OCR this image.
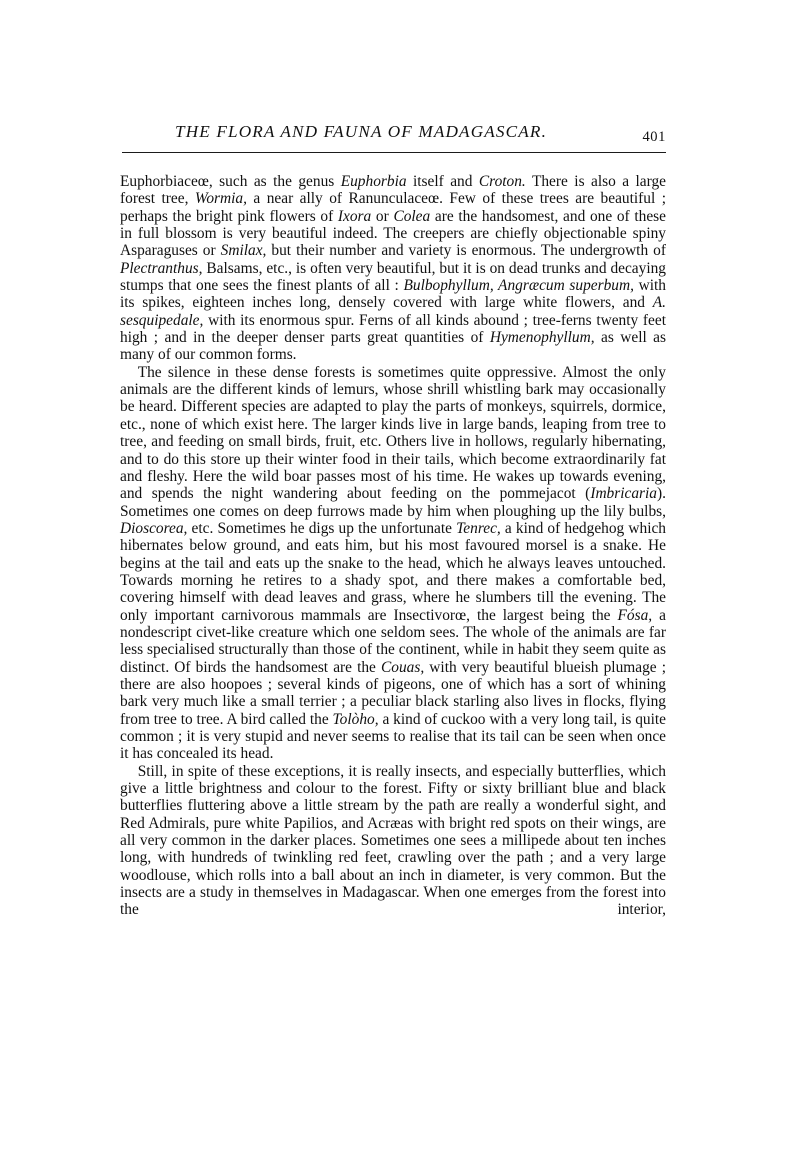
THE FLORA AND FAUNA OF MADAGASCAR.	401

Euphorbiaceœ, such as the genus Euphorbia itself and Croton. There is also a large forest tree, Wormia, a near ally of Ranunculaceœ. Few of these trees are beautiful ; perhaps the bright pink flowers of Ixora or Colea are the handsomest, and one of these in full blossom is very beautiful indeed. The creepers are chiefly objectionable spiny Asparaguses or Smilax, but their number and variety is enormous. The undergrowth of Plectranthus, Balsams, etc., is often very beautiful, but it is on dead trunks and decaying stumps that one sees the finest plants of all : Bulbophyllum, Angræcum superbum, with its spikes, eighteen inches long, densely covered with large white flowers, and A. sesquipedale, with its enormous spur. Ferns of all kinds abound ; tree-ferns twenty feet high ; and in the deeper denser parts great quantities of Hymenophyllum, as well as many of our common forms.

The silence in these dense forests is sometimes quite oppressive. Almost the only animals are the different kinds of lemurs, whose shrill whistling bark may occasionally be heard. Different species are adapted to play the parts of monkeys, squirrels, dormice, etc., none of which exist here. The larger kinds live in large bands, leaping from tree to tree, and feeding on small birds, fruit, etc. Others live in hollows, regularly hibernating, and to do this store up their winter food in their tails, which become extraordinarily fat and fleshy. Here the wild boar passes most of his time. He wakes up towards evening, and spends the night wandering about feeding on the pommejacot (Imbricaria). Sometimes one comes on deep furrows made by him when ploughing up the lily bulbs, Dioscorea, etc. Sometimes he digs up the unfortunate Tenrec, a kind of hedgehog which hibernates below ground, and eats him, but his most favoured morsel is a snake. He begins at the tail and eats up the snake to the head, which he always leaves untouched. Towards morning he retires to a shady spot, and there makes a comfortable bed, covering himself with dead leaves and grass, where he slumbers till the evening. The only important carnivorous mammals are Insectivorœ, the largest being the Fósa, a nondescript civet-like creature which one seldom sees. The whole of the animals are far less specialised structurally than those of the continent, while in habit they seem quite as distinct. Of birds the handsomest are the Couas, with very beautiful blueish plumage ; there are also hoopoes ; several kinds of pigeons, one of which has a sort of whining bark very much like a small terrier ; a peculiar black starling also lives in flocks, flying from tree to tree. A bird called the Tolòho, a kind of cuckoo with a very long tail, is quite common ; it is very stupid and never seems to realise that its tail can be seen when once it has concealed its head.

Still, in spite of these exceptions, it is really insects, and especially butterflies, which give a little brightness and colour to the forest. Fifty or sixty brilliant blue and black butterflies fluttering above a little stream by the path are really a wonderful sight, and Red Admirals, pure white Papilios, and Acræas with bright red spots on their wings, are all very common in the darker places. Sometimes one sees a millipede about ten inches long, with hundreds of twinkling red feet, crawling over the path ; and a very large woodlouse, which rolls into a ball about an inch in diameter, is very common. But the insects are a study in themselves in Madagascar. When one emerges from the forest into the interior,
